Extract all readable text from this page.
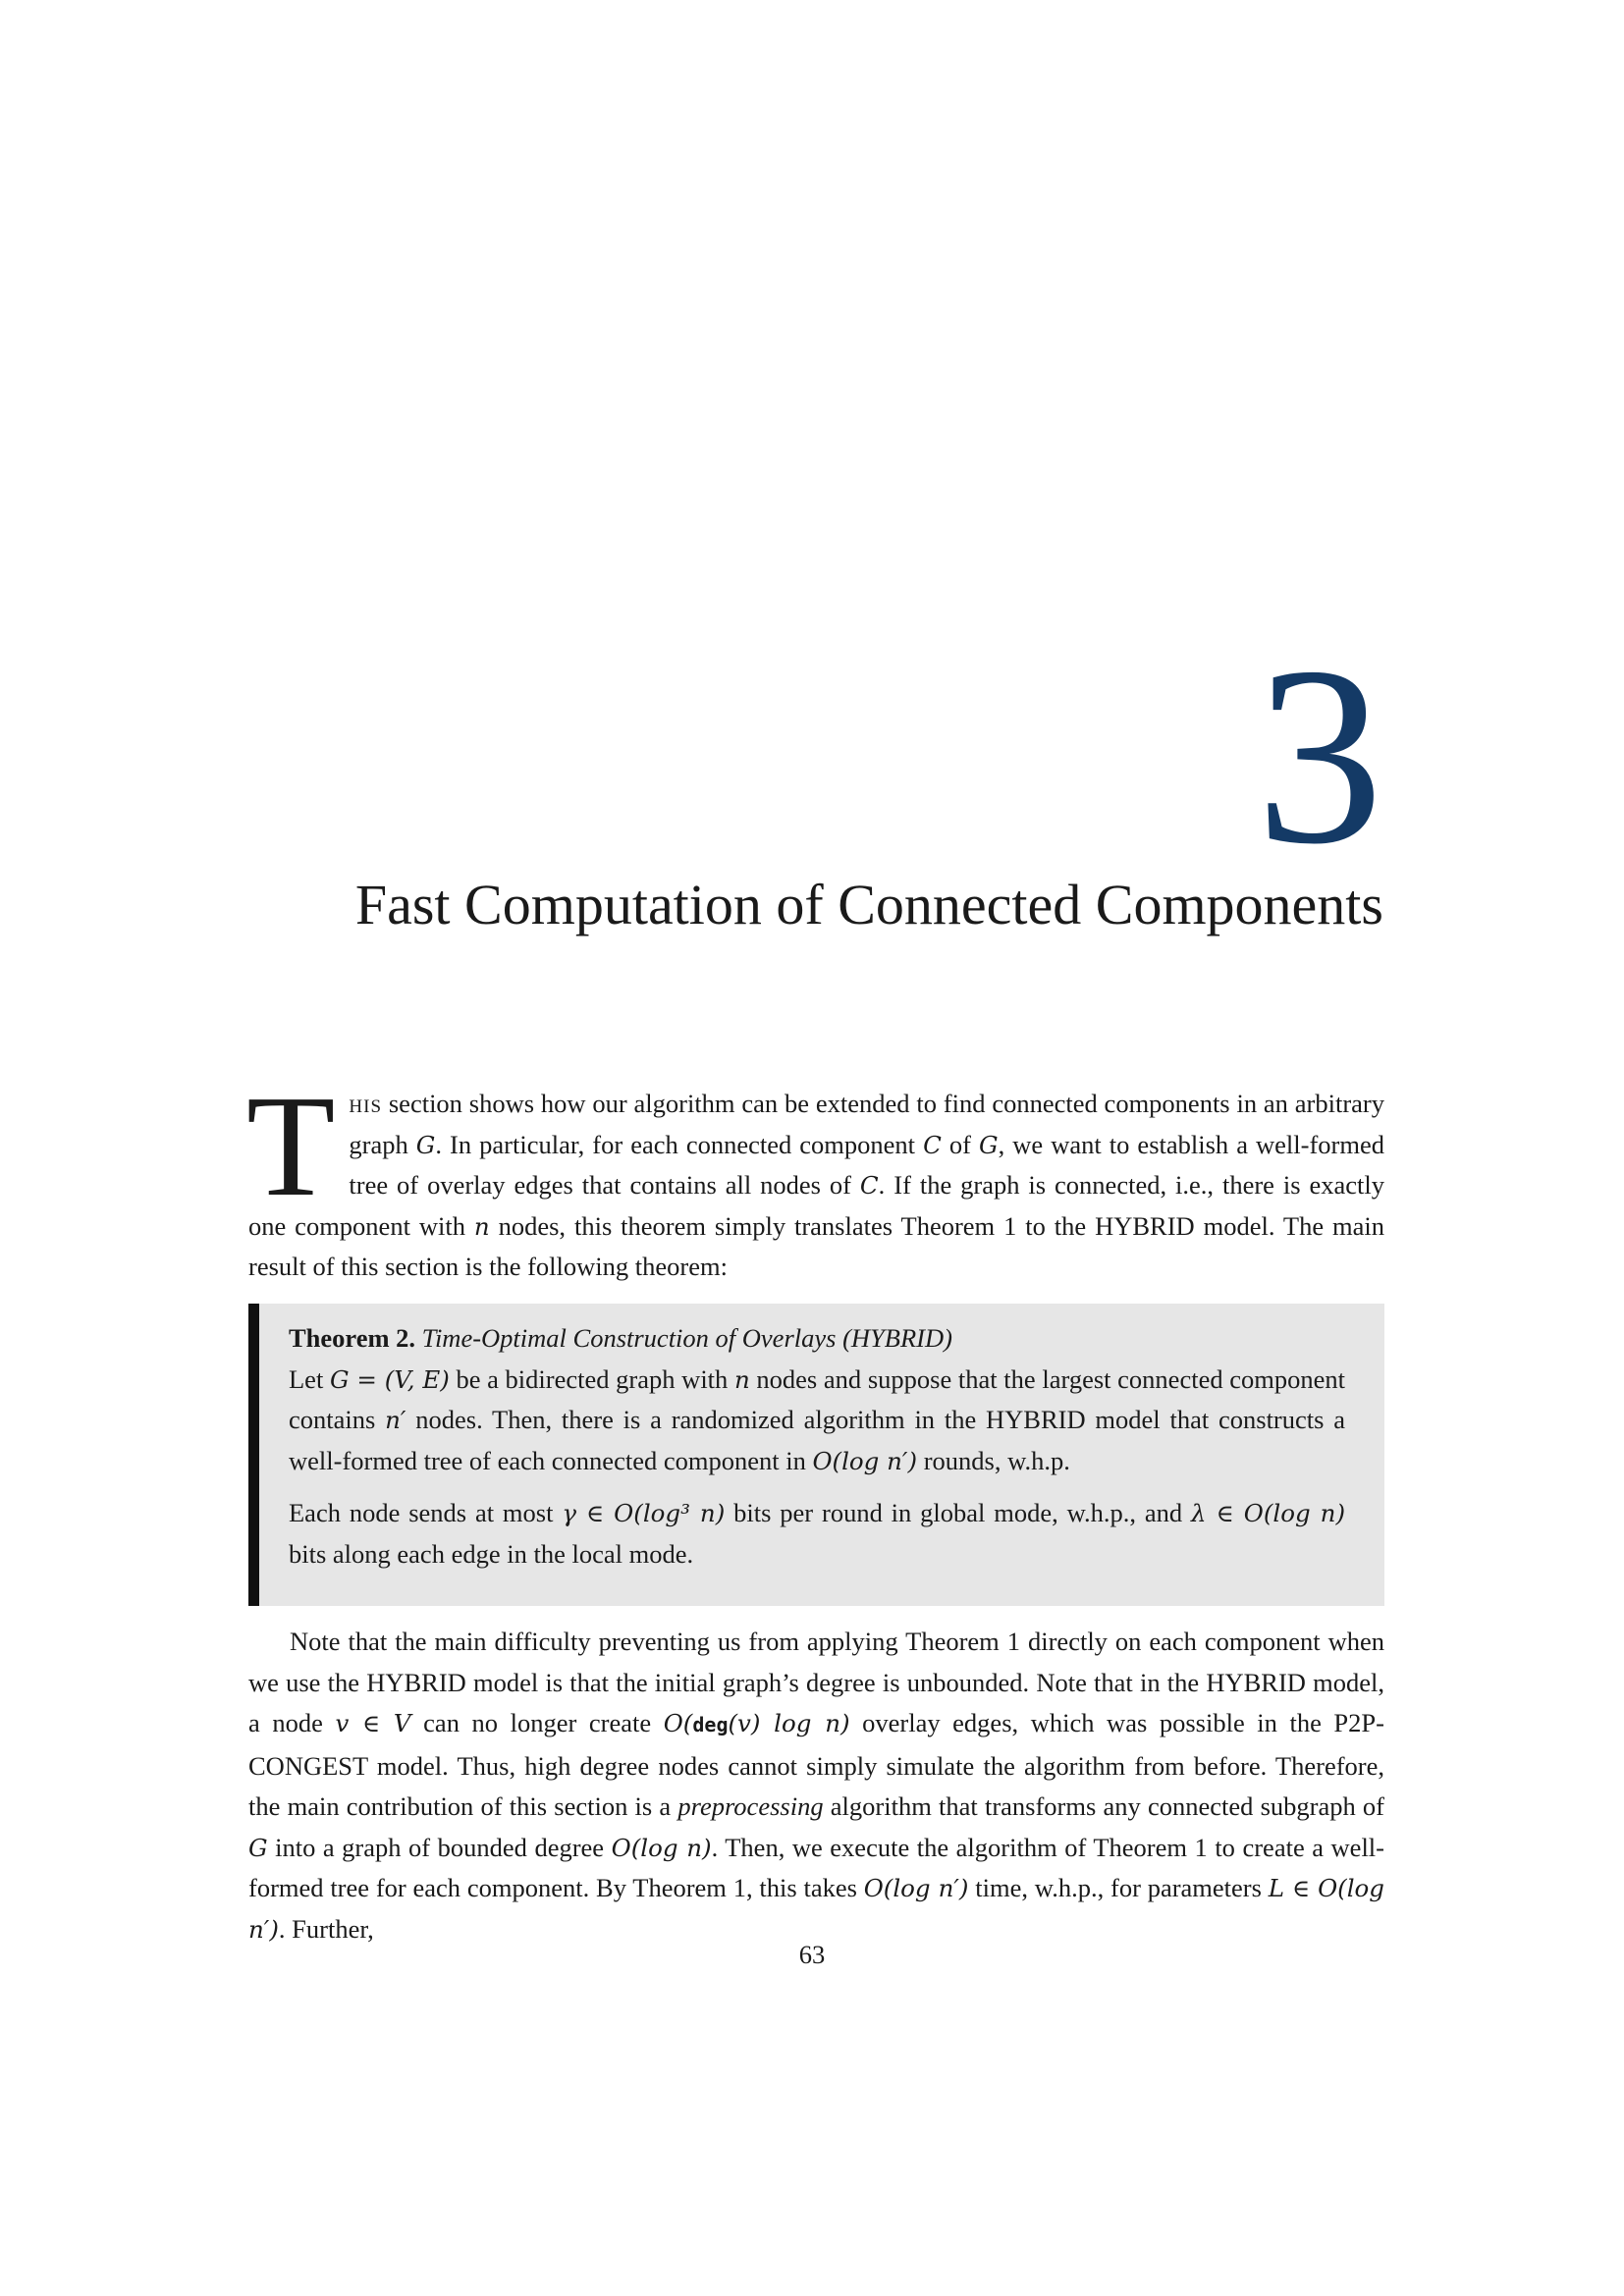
3
Fast Computation of Connected Components
This section shows how our algorithm can be extended to find connected components in an arbitrary graph G. In particular, for each connected component C of G, we want to establish a well-formed tree of overlay edges that contains all nodes of C. If the graph is connected, i.e., there is exactly one component with n nodes, this theorem simply translates Theorem 1 to the HYBRID model. The main result of this section is the following theorem:

Theorem 2. Time-Optimal Construction of Overlays (HYBRID)

Let G = (V, E) be a bidirected graph with n nodes and suppose that the largest connected component contains n′ nodes. Then, there is a randomized algorithm in the HYBRID model that constructs a well-formed tree of each connected component in O(log n′) rounds, w.h.p.

Each node sends at most γ ∈ O(log³ n) bits per round in global mode, w.h.p., and λ ∈ O(log n) bits along each edge in the local mode.

Note that the main difficulty preventing us from applying Theorem 1 directly on each component when we use the HYBRID model is that the initial graph’s degree is unbounded. Note that in the HYBRID model, a node v ∈ V can no longer create O(deg(v) log n) overlay edges, which was possible in the P2P-CONGEST model. Thus, high degree nodes cannot simply simulate the algorithm from before. Therefore, the main contribution of this section is a preprocessing algorithm that transforms any connected subgraph of G into a graph of bounded degree O(log n). Then, we execute the algorithm of Theorem 1 to create a well-formed tree for each component. By Theorem 1, this takes O(log n′) time, w.h.p., for parameters L ∈ O(log n′). Further,

63
